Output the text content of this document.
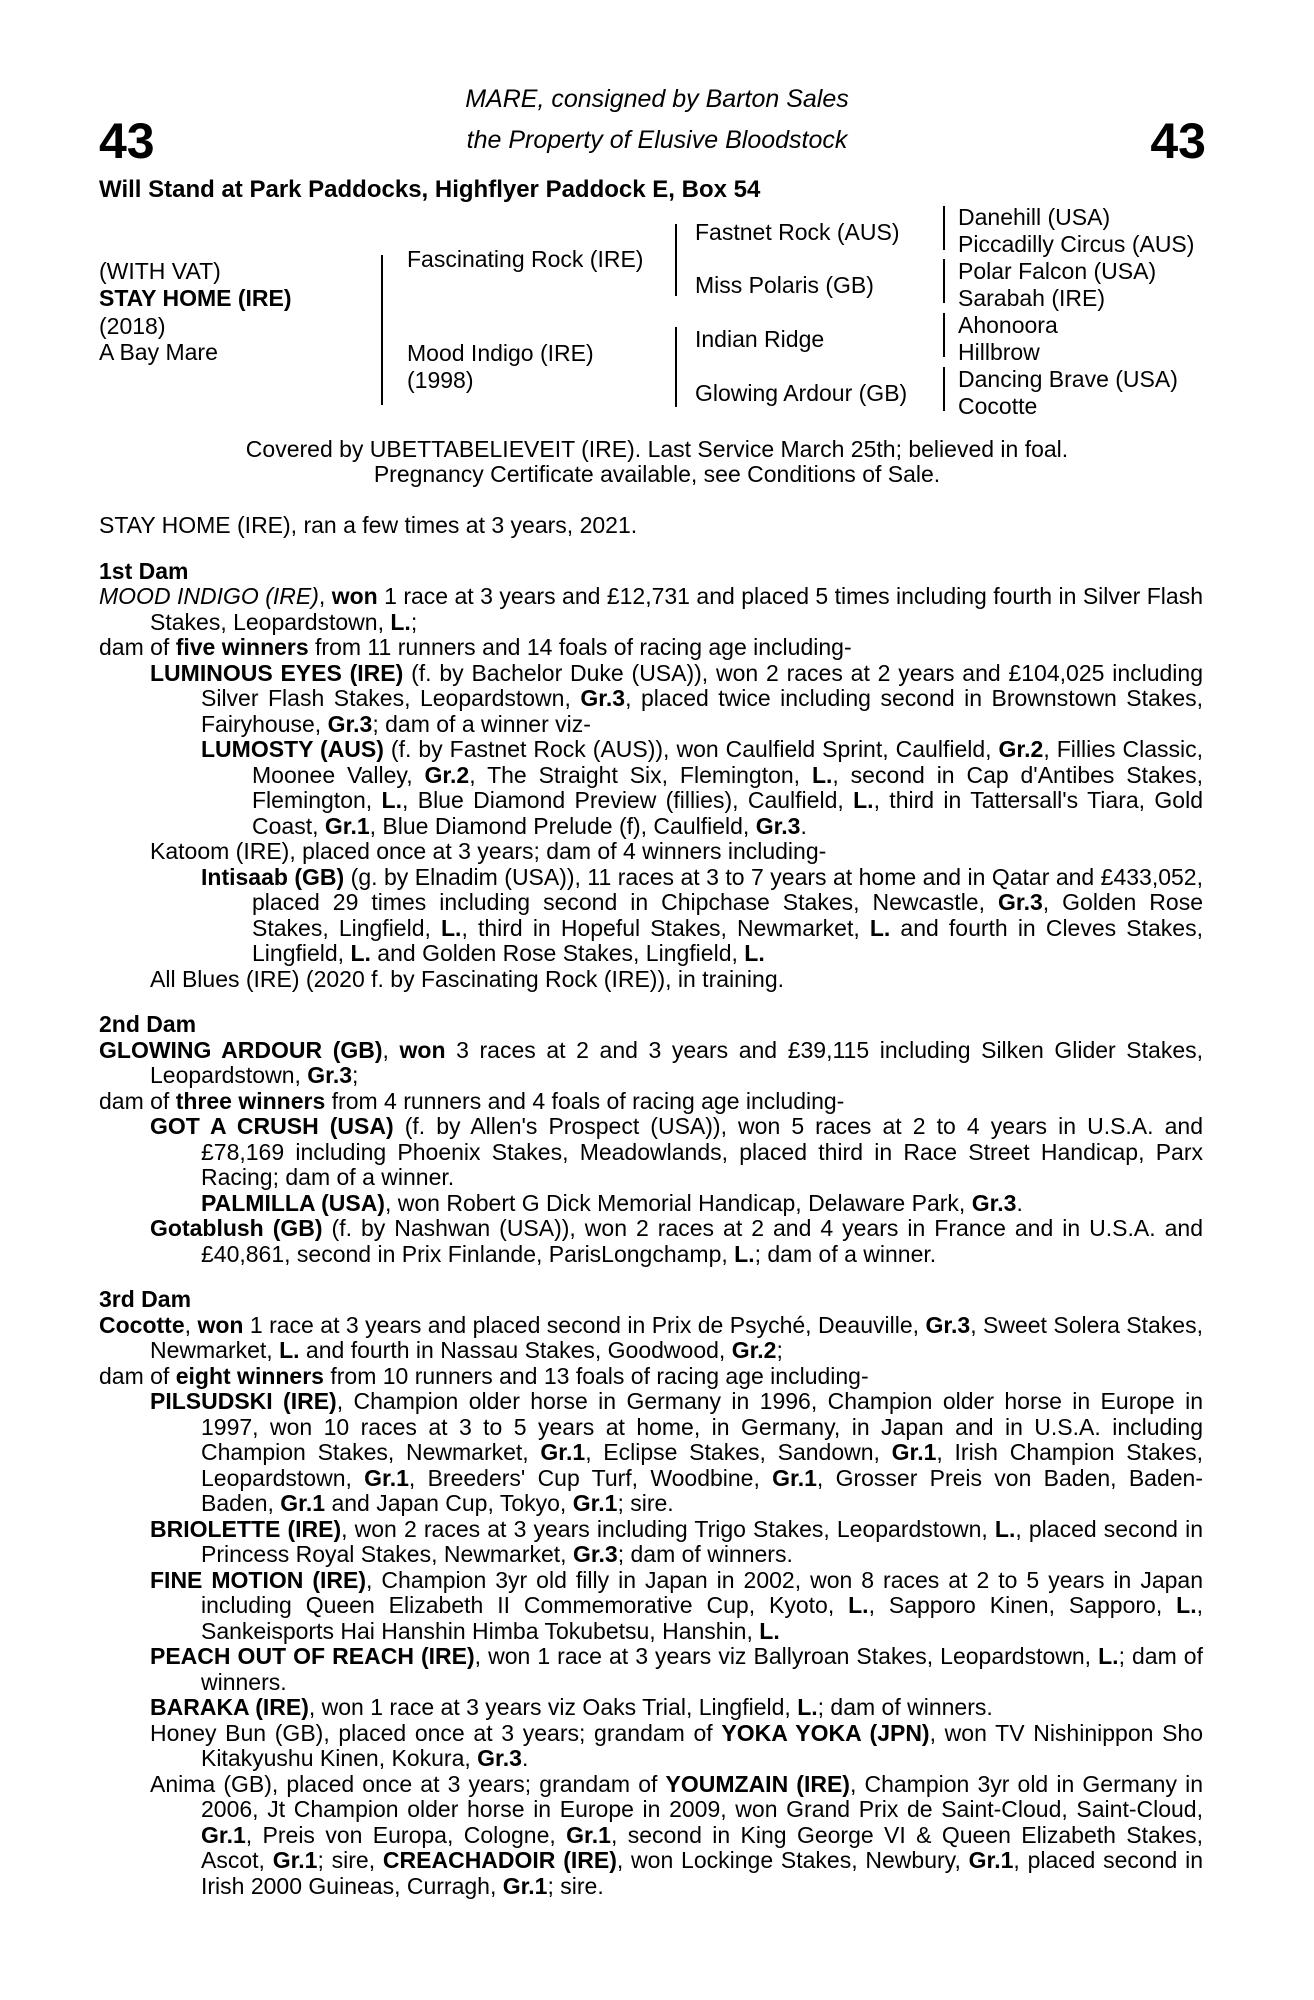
43	43
MARE, consigned by Barton Sales
the Property of Elusive Bloodstock
Will Stand at Park Paddocks, Highflyer Paddock E, Box 54
(WITH VAT)
STAY HOME (IRE)
(2018)
A Bay Mare
Fascinating Rock (IRE)
Mood Indigo (IRE)
(1998)
Fastnet Rock (AUS)
Miss Polaris (GB)
Indian Ridge
Glowing Ardour (GB)
Danehill (USA)
Piccadilly Circus (AUS)
Polar Falcon (USA)
Sarabah (IRE)
Ahonoora
Hillbrow
Dancing Brave (USA)
Cocotte
Covered by UBETTABELIEVEIT (IRE). Last Service March 25th; believed in foal.
Pregnancy Certificate available, see Conditions of Sale.

STAY HOME (IRE), ran a few times at 3 years, 2021.

1st Dam

MOOD INDIGO (IRE), won 1 race at 3 years and £12,731 and placed 5 times including fourth in Silver Flash Stakes, Leopardstown, L.;

dam of five winners from 11 runners and 14 foals of racing age including-

LUMINOUS EYES (IRE) (f. by Bachelor Duke (USA)), won 2 races at 2 years and £104,025 including Silver Flash Stakes, Leopardstown, Gr.3, placed twice including second in Brownstown Stakes, Fairyhouse, Gr.3; dam of a winner viz-

LUMOSTY (AUS) (f. by Fastnet Rock (AUS)), won Caulfield Sprint, Caulfield, Gr.2, Fillies Classic, Moonee Valley, Gr.2, The Straight Six, Flemington, L., second in Cap d'Antibes Stakes, Flemington, L., Blue Diamond Preview (fillies), Caulfield, L., third in Tattersall's Tiara, Gold Coast, Gr.1, Blue Diamond Prelude (f), Caulfield, Gr.3.

Katoom (IRE), placed once at 3 years; dam of 4 winners including-

Intisaab (GB) (g. by Elnadim (USA)), 11 races at 3 to 7 years at home and in Qatar and £433,052, placed 29 times including second in Chipchase Stakes, Newcastle, Gr.3, Golden Rose Stakes, Lingfield, L., third in Hopeful Stakes, Newmarket, L. and fourth in Cleves Stakes, Lingfield, L. and Golden Rose Stakes, Lingfield, L.

All Blues (IRE) (2020 f. by Fascinating Rock (IRE)), in training.

2nd Dam

GLOWING ARDOUR (GB), won 3 races at 2 and 3 years and £39,115 including Silken Glider Stakes, Leopardstown, Gr.3;

dam of three winners from 4 runners and 4 foals of racing age including-

GOT A CRUSH (USA) (f. by Allen's Prospect (USA)), won 5 races at 2 to 4 years in U.S.A. and £78,169 including Phoenix Stakes, Meadowlands, placed third in Race Street Handicap, Parx Racing; dam of a winner.

PALMILLA (USA), won Robert G Dick Memorial Handicap, Delaware Park, Gr.3.

Gotablush (GB) (f. by Nashwan (USA)), won 2 races at 2 and 4 years in France and in U.S.A. and £40,861, second in Prix Finlande, ParisLongchamp, L.; dam of a winner.

3rd Dam

Cocotte, won 1 race at 3 years and placed second in Prix de Psyché, Deauville, Gr.3, Sweet Solera Stakes, Newmarket, L. and fourth in Nassau Stakes, Goodwood, Gr.2;

dam of eight winners from 10 runners and 13 foals of racing age including-

PILSUDSKI (IRE), Champion older horse in Germany in 1996, Champion older horse in Europe in 1997, won 10 races at 3 to 5 years at home, in Germany, in Japan and in U.S.A. including Champion Stakes, Newmarket, Gr.1, Eclipse Stakes, Sandown, Gr.1, Irish Champion Stakes, Leopardstown, Gr.1, Breeders' Cup Turf, Woodbine, Gr.1, Grosser Preis von Baden, Baden-Baden, Gr.1 and Japan Cup, Tokyo, Gr.1; sire.

BRIOLETTE (IRE), won 2 races at 3 years including Trigo Stakes, Leopardstown, L., placed second in Princess Royal Stakes, Newmarket, Gr.3; dam of winners.

FINE MOTION (IRE), Champion 3yr old filly in Japan in 2002, won 8 races at 2 to 5 years in Japan including Queen Elizabeth II Commemorative Cup, Kyoto, L., Sapporo Kinen, Sapporo, L., Sankeisports Hai Hanshin Himba Tokubetsu, Hanshin, L.

PEACH OUT OF REACH (IRE), won 1 race at 3 years viz Ballyroan Stakes, Leopardstown, L.; dam of winners.

BARAKA (IRE), won 1 race at 3 years viz Oaks Trial, Lingfield, L.; dam of winners.

Honey Bun (GB), placed once at 3 years; grandam of YOKA YOKA (JPN), won TV Nishinippon Sho Kitakyushu Kinen, Kokura, Gr.3.

Anima (GB), placed once at 3 years; grandam of YOUMZAIN (IRE), Champion 3yr old in Germany in 2006, Jt Champion older horse in Europe in 2009, won Grand Prix de Saint-Cloud, Saint-Cloud, Gr.1, Preis von Europa, Cologne, Gr.1, second in King George VI & Queen Elizabeth Stakes, Ascot, Gr.1; sire, CREACHADOIR (IRE), won Lockinge Stakes, Newbury, Gr.1, placed second in Irish 2000 Guineas, Curragh, Gr.1; sire.
